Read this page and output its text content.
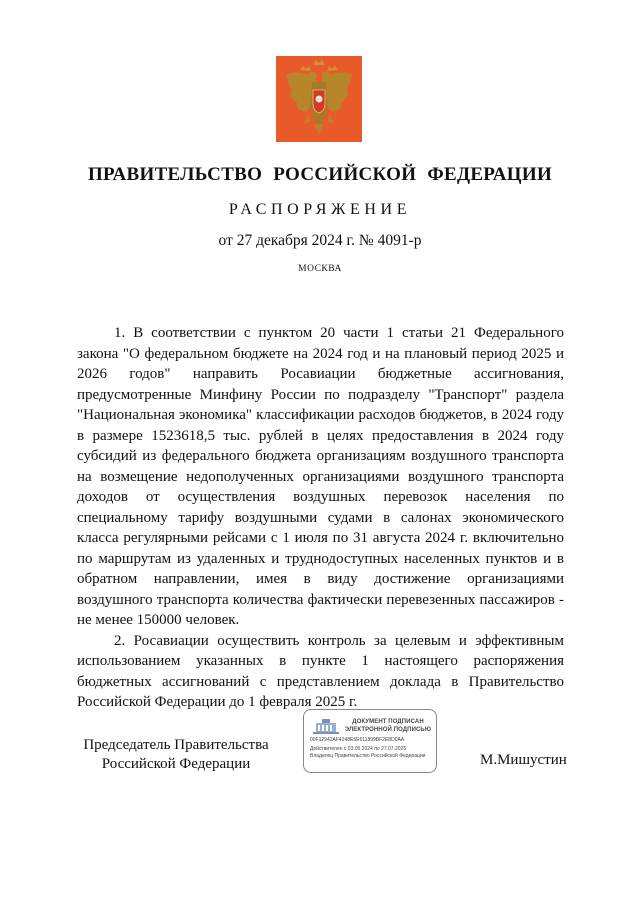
ПРАВИТЕЛЬСТВО РОССИЙСКОЙ ФЕДЕРАЦИИ
РАСПОРЯЖЕНИЕ
от 27 декабря 2024 г. № 4091-р
МОСКВА

1. В соответствии с пунктом 20 части 1 статьи 21 Федерального закона "О федеральном бюджете на 2024 год и на плановый период 2025 и 2026 годов" направить Росавиации бюджетные ассигнования, предусмотренные Минфину России по подразделу "Транспорт" раздела "Национальная экономика" классификации расходов бюджетов, в 2024 году в размере 1523618,5 тыс. рублей в целях предоставления в 2024 году субсидий из федерального бюджета организациям воздушного транспорта на возмещение недополученных организациями воздушного транспорта доходов от осуществления воздушных перевозок населения по специальному тарифу воздушными судами в салонах экономического класса регулярными рейсами с 1 июля по 31 августа 2024 г. включительно по маршрутам из удаленных и труднодоступных населенных пунктов и в обратном направлении, имея в виду достижение организациями воздушного транспорта количества фактически перевезенных пассажиров - не менее 150000 человек.

2. Росавиации осуществить контроль за целевым и эффективным использованием указанных в пункте 1 настоящего распоряжения бюджетных ассигнований с представлением доклада в Правительство Российской Федерации до 1 февраля 2025 г.

Председатель Правительства
Российской Федерации
ДОКУМЕНТ ПОДПИСАН ЭЛЕКТРОННОЙ ПОДПИСЬЮ
00F12942AF4248E5E611899BF2E8D0AA
Действителен с 03.05.2024 по 27.07.2025
Владелец Правительство Российской Федерации	М.Мишустин
